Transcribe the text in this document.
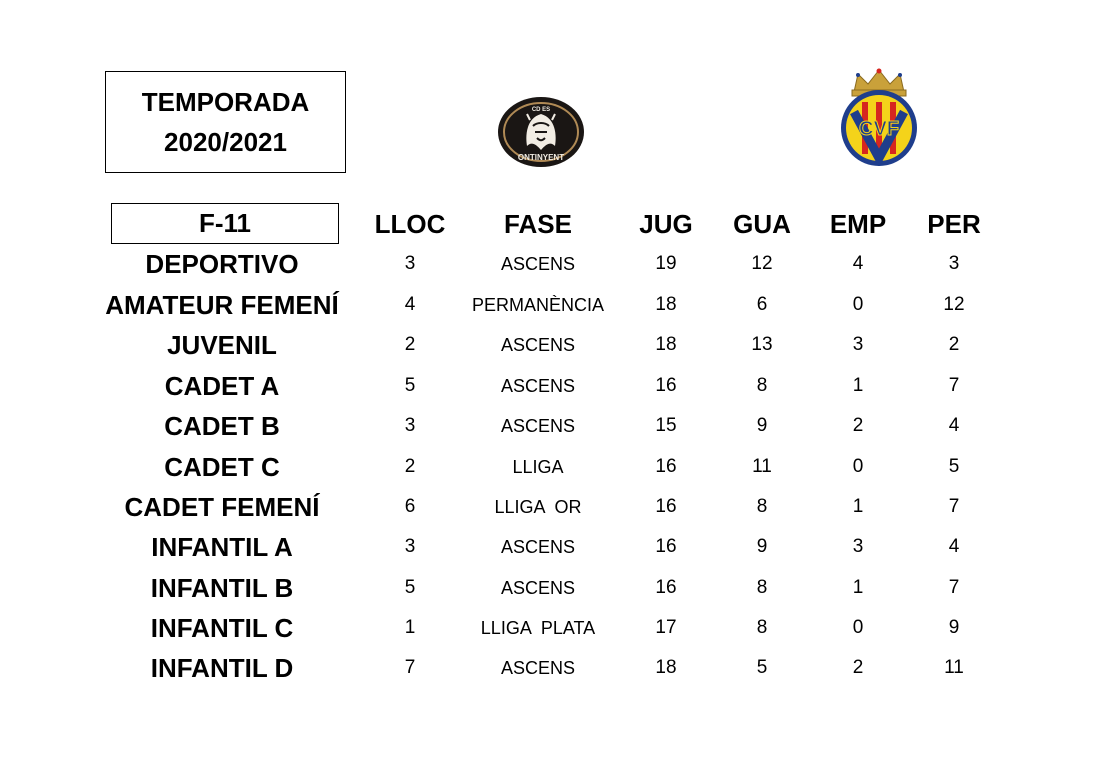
TEMPORADA
2020/2021
CD ES
ONTINYENT
CVF
F-11	LLOC	FASE	JUG	GUA	EMP	PER
DEPORTIVO	3	ASCENS	19	12	4	3
AMATEUR FEMENÍ	4	PERMANÈNCIA	18	6	0	12
JUVENIL	2	ASCENS	18	13	3	2
CADET A	5	ASCENS	16	8	1	7
CADET B	3	ASCENS	15	9	2	4
CADET C	2	LLIGA	16	11	0	5
CADET FEMENÍ	6	LLIGA  OR	16	8	1	7
INFANTIL A	3	ASCENS	16	9	3	4
INFANTIL B	5	ASCENS	16	8	1	7
INFANTIL C	1	LLIGA  PLATA	17	8	0	9
INFANTIL D	7	ASCENS	18	5	2	11
